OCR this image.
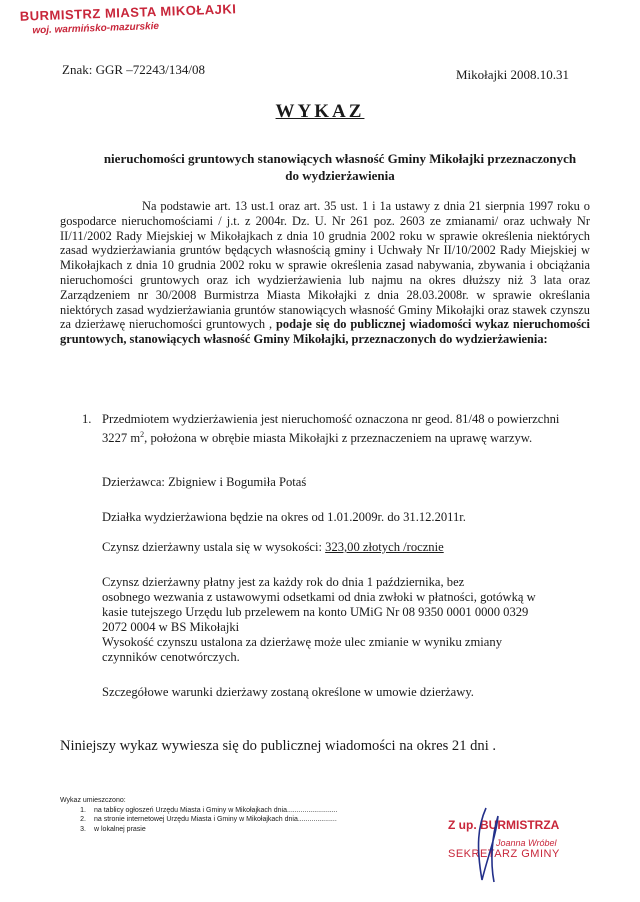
BURMISTRZ MIASTA MIKOŁAJKI
woj. warmińsko-mazurskie
Znak: GGR –72243/134/08	Mikołajki 2008.10.31
WYKAZ
nieruchomości gruntowych stanowiących własność Gminy Mikołajki przeznaczonych
do wydzierżawienia
Na podstawie art. 13 ust.1 oraz art. 35 ust. 1 i 1a ustawy z dnia 21 sierpnia 1997 roku o gospodarce nieruchomościami / j.t. z 2004r. Dz. U. Nr 261 poz. 2603 ze zmianami/ oraz uchwały Nr II/11/2002 Rady Miejskiej w Mikołajkach z dnia 10 grudnia 2002 roku w sprawie określenia niektórych zasad wydzierżawiania gruntów będących własnością gminy i Uchwały Nr II/10/2002 Rady Miejskiej w Mikołajkach z dnia 10 grudnia 2002 roku w sprawie określenia zasad nabywania, zbywania i obciążania nieruchomości gruntowych oraz ich wydzierżawienia lub najmu na okres dłuższy niż 3 lata oraz Zarządzeniem nr 30/2008 Burmistrza Miasta Mikołajki z dnia 28.03.2008r. w sprawie określania niektórych zasad wydzierżawiania gruntów stanowiących własność Gminy Mikołajki oraz stawek czynszu za dzierżawę nieruchomości gruntowych , podaje się do publicznej wiadomości wykaz nieruchomości gruntowych, stanowiących własność Gminy Mikołajki, przeznaczonych do wydzierżawienia:
1. Przedmiotem wydzierżawienia jest nieruchomość oznaczona nr geod. 81/48 o powierzchni 3227 $m^2$, położona w obrębie miasta Mikołajki z przeznaczeniem na uprawę warzyw.
Dzierżawca: Zbigniew i Bogumiła Potaś
Działka wydzierżawiona będzie na okres od 1.01.2009r. do 31.12.2011r.
Czynsz dzierżawny ustala się w wysokości: 323,00 złotych /rocznie
Czynsz dzierżawny płatny jest za każdy rok do dnia 1 października, bez
osobnego wezwania z ustawowymi odsetkami od dnia zwłoki w płatności, gotówką w
kasie tutejszego Urzędu lub przelewem na konto UMiG Nr 08 9350 0001 0000 0329
2072 0004 w BS Mikołajki
Wysokość czynszu ustalona za dzierżawę może ulec zmianie w wyniku zmiany
czynników cenotwórczych.
Szczegółowe warunki dzierżawy zostaną określone w umowie dzierżawy.
Niniejszy wykaz wywiesza się do publicznej wiadomości na okres 21 dni .
Wykaz umieszczono:
1. na tablicy ogłoszeń Urzędu Miasta i Gminy w Mikołajkach dnia..........................
2. na stronie internetowej Urzędu Miasta i Gminy w Mikołajkach dnia....................
3. w lokalnej prasie	Z up. BURMISTRZA
Joanna Wróbel
SEKRETARZ GMINY
